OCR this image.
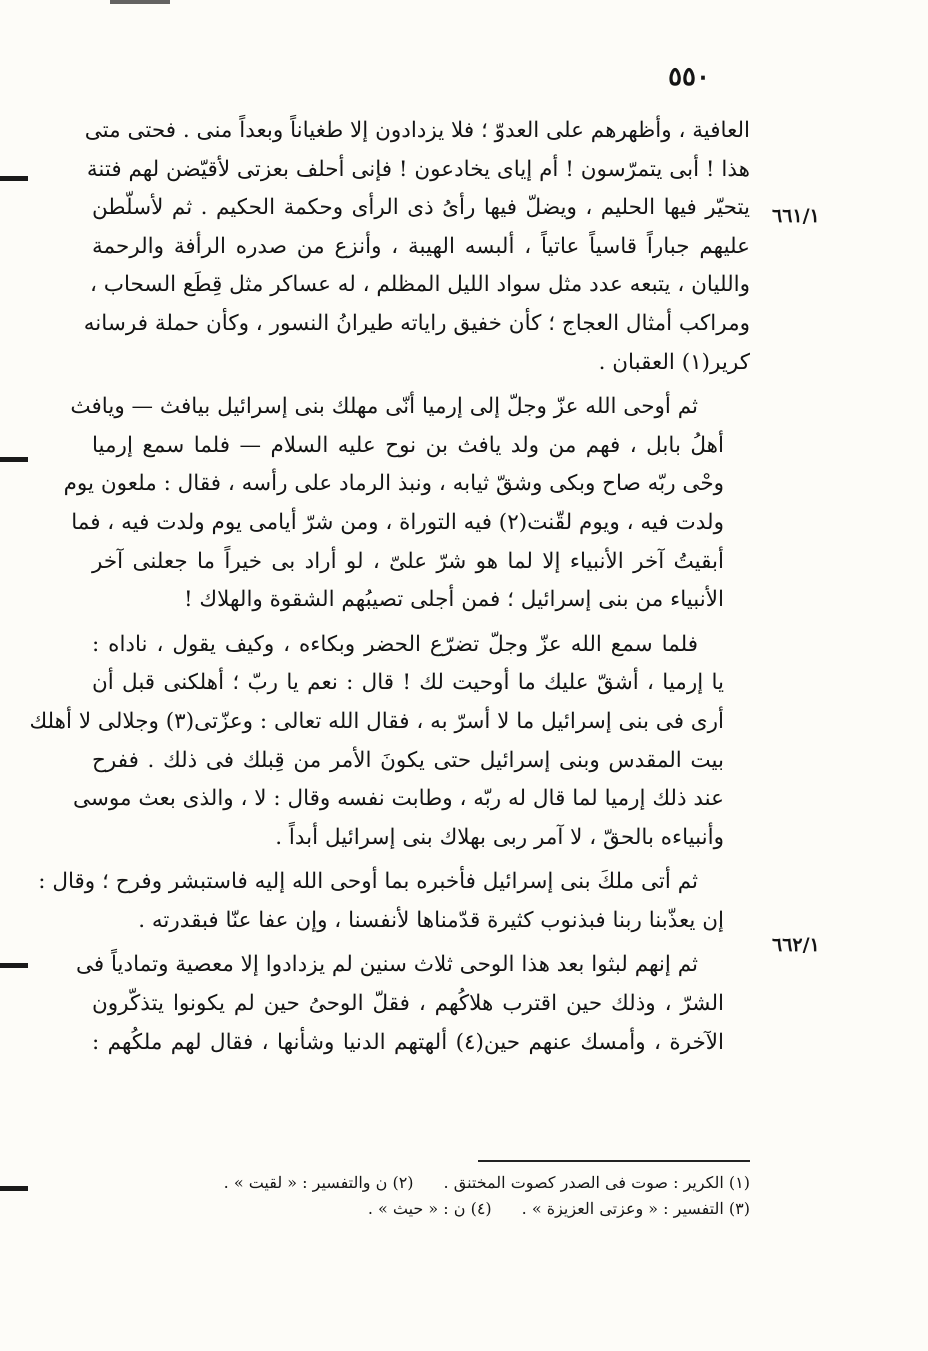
٥٥٠
٦٦١/١
٦٦٢/١

العافية ، وأظهرهم على العدوّ ؛ فلا يزدادون إلا طغياناً وبعداً منى . فحتى متى
هذا ! أبى يتمرّسون ! أم إياى يخادعون ! فإنى أحلف بعزتى لأقيّضن لهم فتنة
يتحيّر فيها الحليم ، ويضلّ فيها رأىُ ذى الرأى وحكمة الحكيم . ثم لأسلّطن
عليهم جباراً قاسياً عاتياً ، ألبسه الهيبة ، وأنزع من صدره الرأفة والرحمة
والليان ، يتبعه عدد مثل سواد الليل المظلم ، له عساكر مثل قِطَع السحاب ،
ومراكب أمثال العجاج ؛ كأن خفيق راياته طيرانُ النسور ، وكأن حملة فرسانه
كرير(١) العقبان .

ثم أوحى الله عزّ وجلّ إلى إرميا أنّى مهلك بنى إسرائيل بيافث — ويافث
أهلُ بابل ، فهم من ولد يافث بن نوح عليه السلام — فلما سمع إرميا
وحْى ربّه صاح وبكى وشقّ ثيابه ، ونبذ الرماد على رأسه ، فقال : ملعون يوم
ولدت فيه ، ويوم لقّنت(٢) فيه التوراة ، ومن شرّ أيامى يوم ولدت فيه ، فما
أبقيتُ آخر الأنبياء إلا لما هو شرّ علىّ ، لو أراد بى خيراً ما جعلنى آخر
الأنبياء من بنى إسرائيل ؛ فمن أجلى تصيبُهم الشقوة والهلاك !

فلما سمع الله عزّ وجلّ تضرّع الحضر وبكاءه ، وكيف يقول ، ناداه :
يا إرميا ، أشقّ عليك ما أوحيت لك ! قال : نعم يا ربّ ؛ أهلكنى قبل أن
أرى فى بنى إسرائيل ما لا أسرّ به ، فقال الله تعالى : وعزّتى(٣) وجلالى لا أهلك
بيت المقدس وبنى إسرائيل حتى يكونَ الأمر من قِبلك فى ذلك . ففرح
عند ذلك إرميا لما قال له ربّه ، وطابت نفسه وقال : لا ، والذى بعث موسى
وأنبياءه بالحقّ ، لا آمر ربى بهلاك بنى إسرائيل أبداً .

ثم أتى ملكَ بنى إسرائيل فأخبره بما أوحى الله إليه فاستبشر وفرح ؛ وقال :
إن يعذّبنا ربنا فبذنوب كثيرة قدّمناها لأنفسنا ، وإن عفا عنّا فبقدرته .

ثم إنهم لبثوا بعد هذا الوحى ثلاث سنين لم يزدادوا إلا معصية وتمادياً فى
الشرّ ، وذلك حين اقترب هلاكُهم ، فقلّ الوحىُ حين لم يكونوا يتذكّرون
الآخرة ، وأمسك عنهم حين(٤) ألهتهم الدنيا وشأنها ، فقال لهم ملكُهم :

(١) الكرير : صوت فى الصدر كصوت المختنق .(٢) ن والتفسير : « لقيت » .
(٣) التفسير : « وعزتى العزيزة » .(٤) ن : « حيث » .
